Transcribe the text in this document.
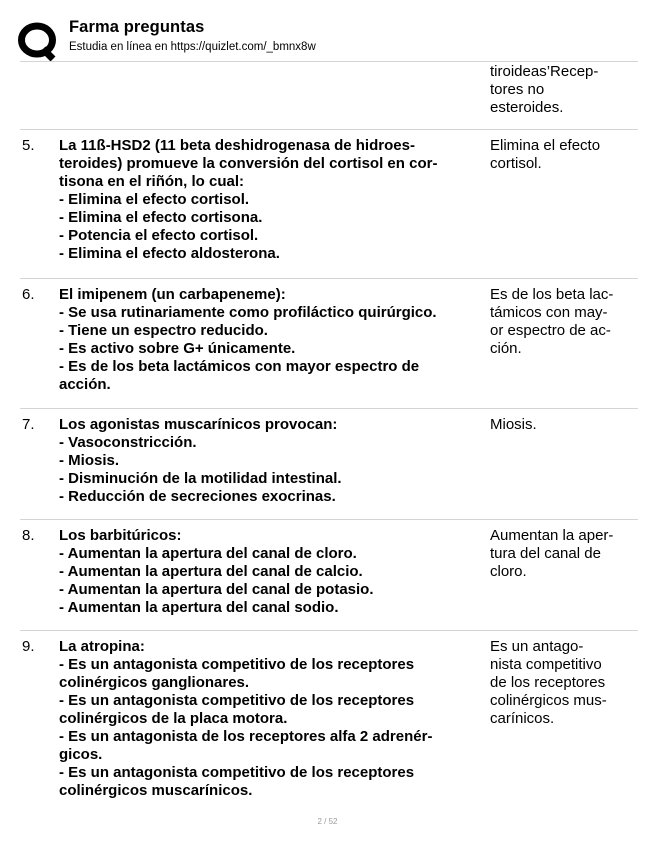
Farma preguntas
Estudia en línea en https://quizlet.com/_bmnx8w
tiroideas’Recep-
tores no
esteroides.
5. La 11ß-HSD2 (11 beta deshidrogenasa de hidroes-
teroides) promueve la conversión del cortisol en cor-
tisona en el riñón, lo cual:
- Elimina el efecto cortisol.
- Elimina el efecto cortisona.
- Potencia el efecto cortisol.
- Elimina el efecto aldosterona.
Elimina el efecto
cortisol.
6. El imipenem (un carbapeneme):
- Se usa rutinariamente como profiláctico quirúrgico.
- Tiene un espectro reducido.
- Es activo sobre G+ únicamente.
- Es de los beta lactámicos con mayor espectro de
acción.
Es de los beta lac-
támicos con may-
or espectro de ac-
ción.
7. Los agonistas muscarínicos provocan:
- Vasoconstricción.
- Miosis.
- Disminución de la motilidad intestinal.
- Reducción de secreciones exocrinas.
Miosis.
8. Los barbitúricos:
- Aumentan la apertura del canal de cloro.
- Aumentan la apertura del canal de calcio.
- Aumentan la apertura del canal de potasio.
- Aumentan la apertura del canal sodio.
Aumentan la aper-
tura del canal de
cloro.
9. La atropina:
- Es un antagonista competitivo de los receptores
colinérgicos ganglionares.
- Es un antagonista competitivo de los receptores
colinérgicos de la placa motora.
- Es un antagonista de los receptores alfa 2 adrenér-
gicos.
- Es un antagonista competitivo de los receptores
colinérgicos muscarínicos.
Es un antago-
nista competitivo
de los receptores
colinérgicos mus-
carínicos.
2 / 52
